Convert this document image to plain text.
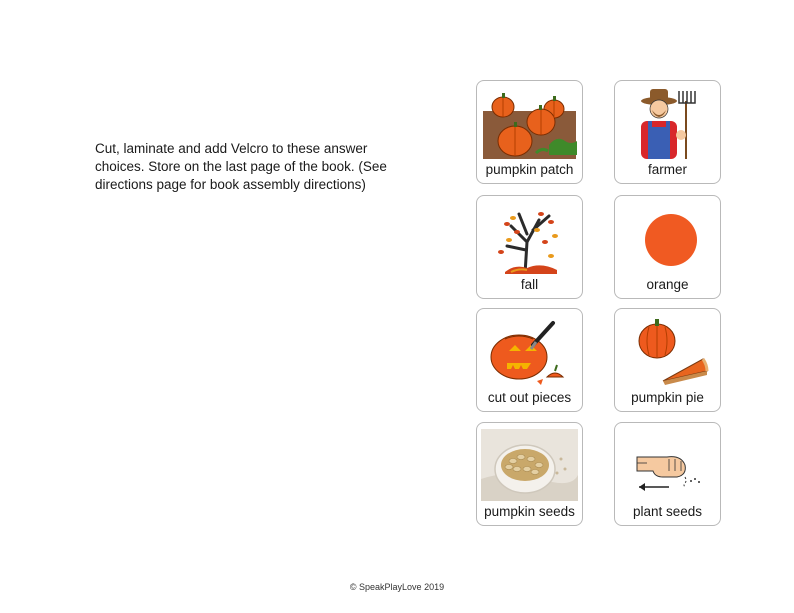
Cut, laminate and add Velcro to these answer choices. Store on the last page of the book. (See directions page for book assembly directions)
pumpkin patch	farmer
fall	orange
cut out pieces	pumpkin pie
pumpkin seeds	plant seeds
© SpeakPlayLove 2019
